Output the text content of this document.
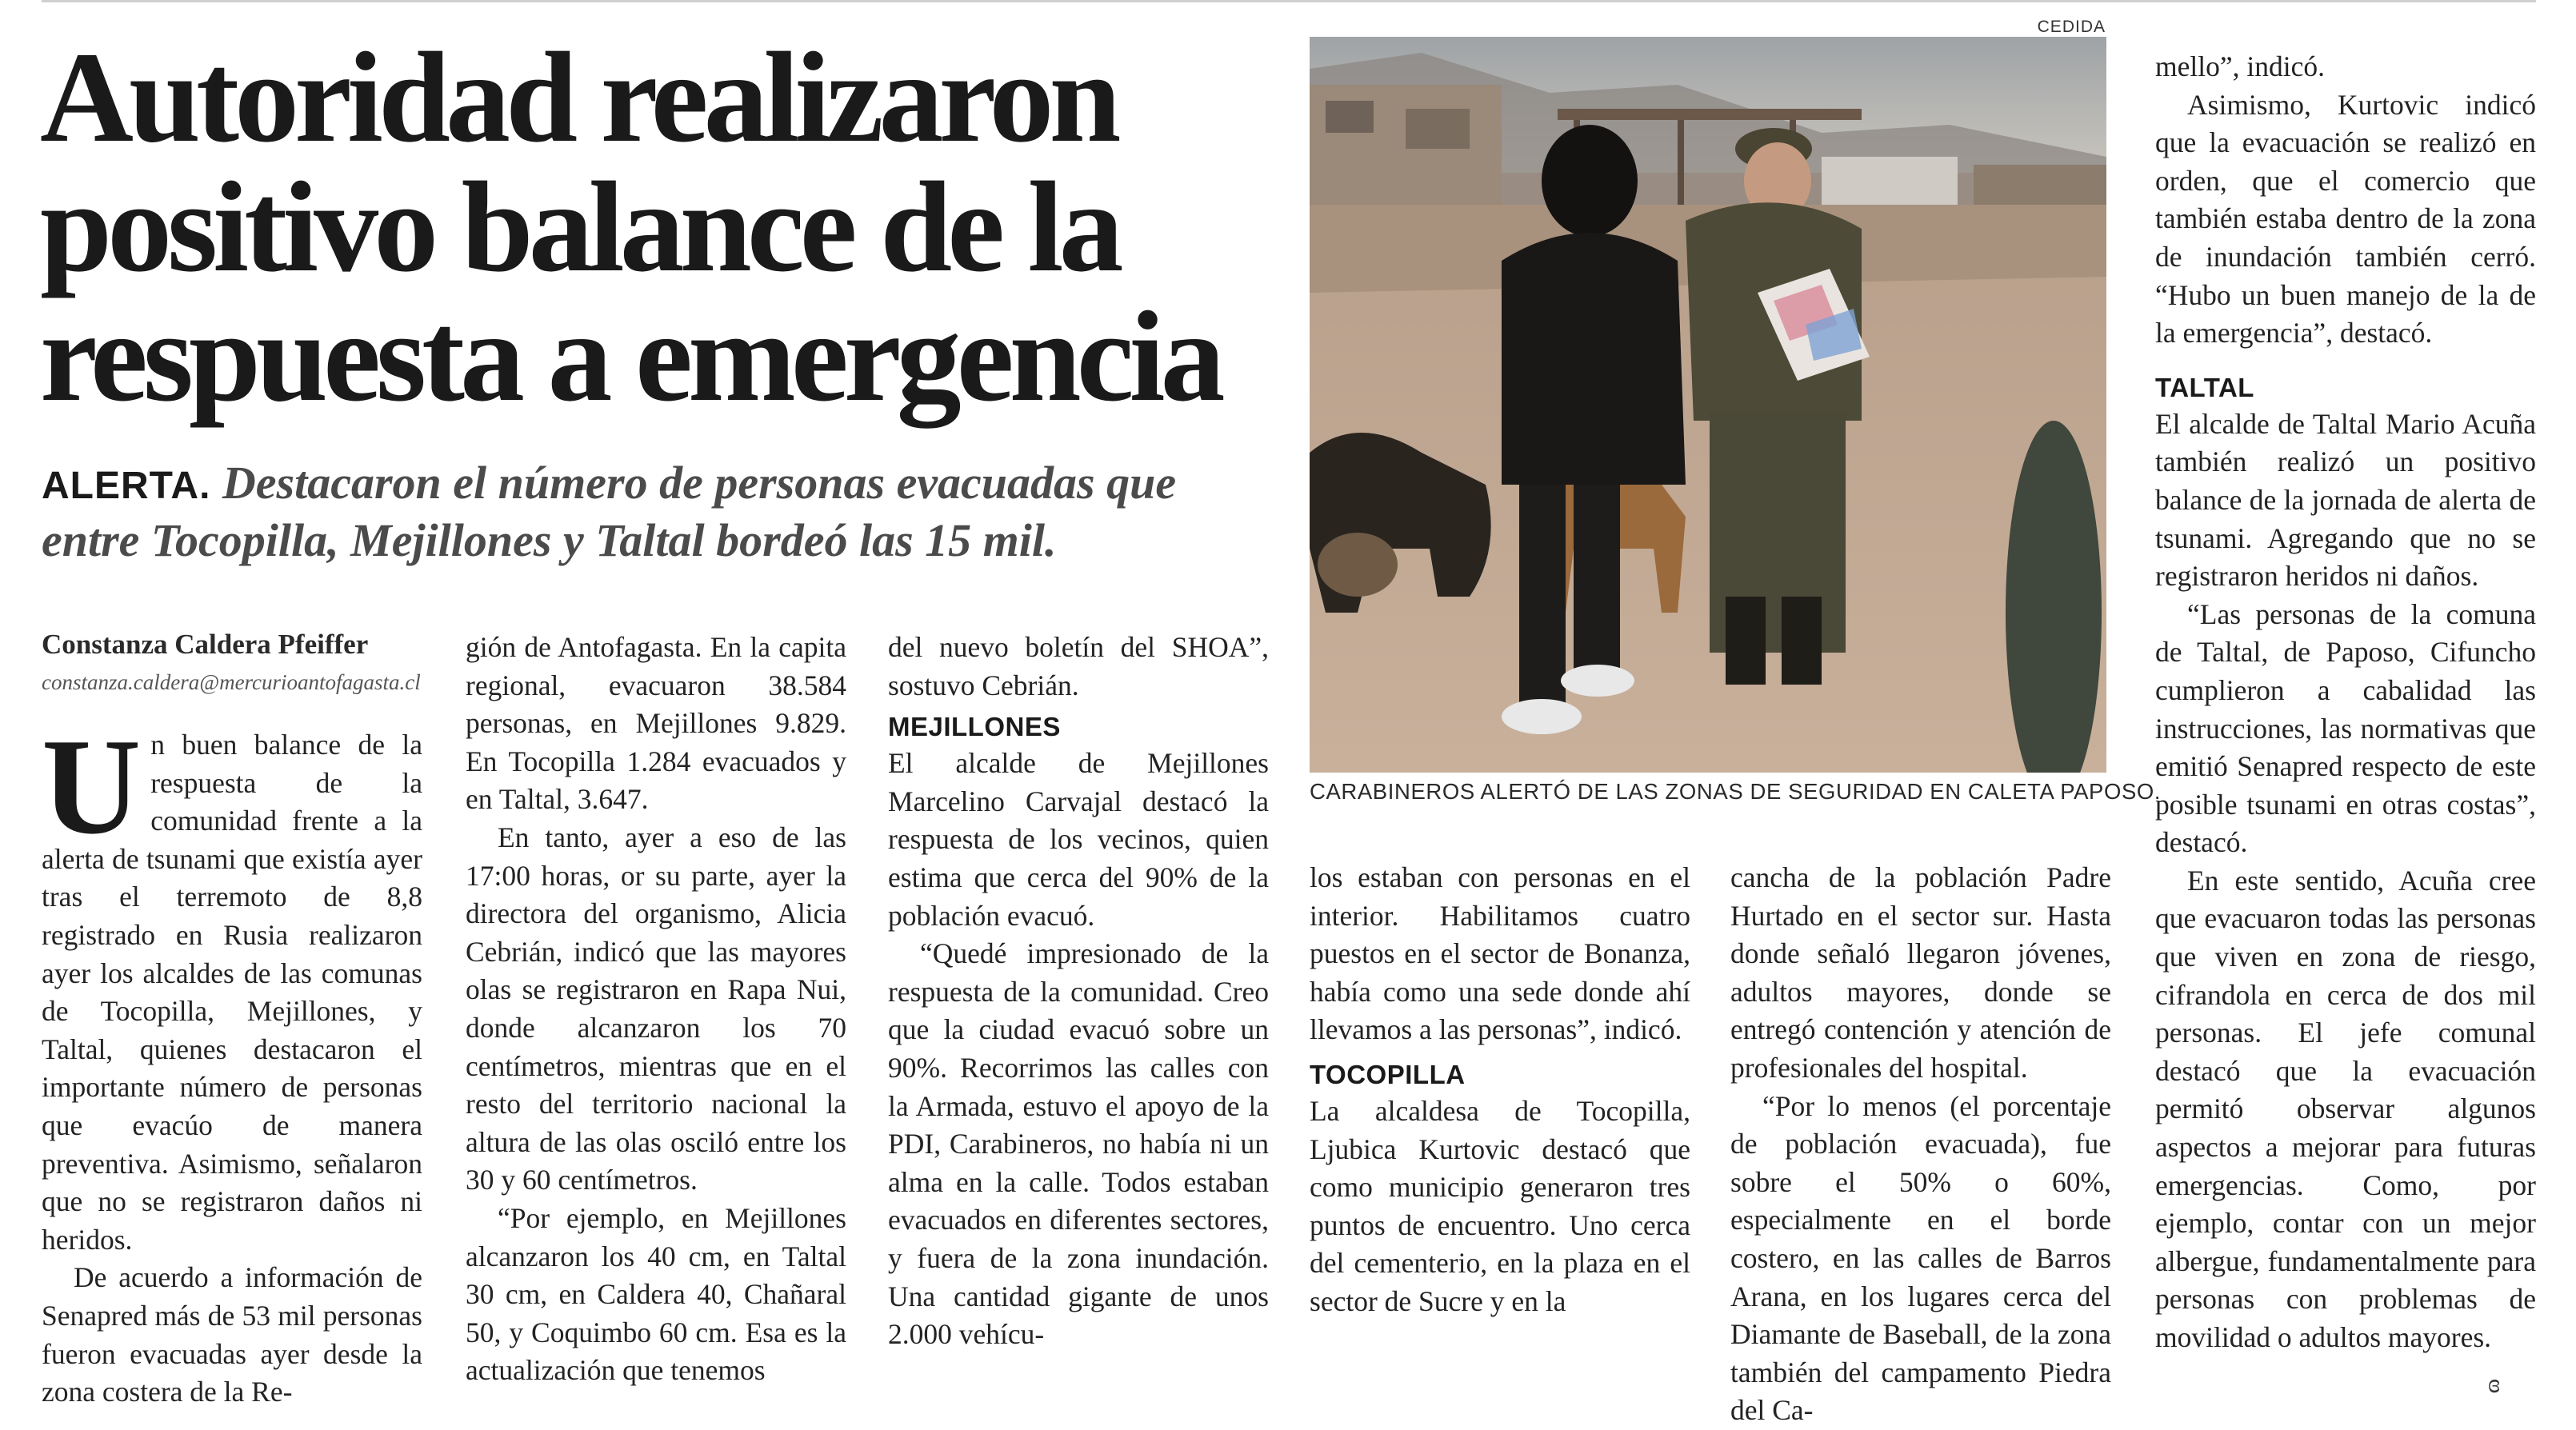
Autoridad realizaron
positivo balance de la
respuesta a emergencia
ALERTA. Destacaron el número de personas evacuadas que entre Tocopilla, Mejillones y Taltal bordeó las 15 mil.
Constanza Caldera Pfeiffer
constanza.caldera@mercurioantofagasta.cl
U n buen balance de la respuesta de la comunidad frente a la alerta de tsunami que existía ayer tras el terremoto de 8,8 registrado en Rusia realizaron ayer los alcaldes de las comunas de Tocopilla, Mejillones, y Taltal, quienes destacaron el importante número de personas que evacúo de manera preventiva. Asimismo, señalaron que no se registraron daños ni heridos.

De acuerdo a información de Senapred más de 53 mil personas fueron evacuadas ayer desde la zona costera de la Re-

gión de Antofagasta. En la capita regional, evacuaron 38.584 personas, en Mejillones 9.829. En Tocopilla 1.284 evacuados y en Taltal, 3.647.

En tanto, ayer a eso de las 17:00 horas, or su parte, ayer la directora del organismo, Alicia Cebrián, indicó que las mayores olas se registraron en Rapa Nui, donde alcanzaron los 70 centímetros, mientras que en el resto del territorio nacional la altura de las olas osciló entre los 30 y 60 centímetros.

“Por ejemplo, en Mejillones alcanzaron los 40 cm, en Taltal 30 cm, en Caldera 40, Chañaral 50, y Coquimbo 60 cm. Esa es la actualización que tenemos

del nuevo boletín del SHOA”, sostuvo Cebrián.

MEJILLONES

El alcalde de Mejillones Marcelino Carvajal destacó la respuesta de los vecinos, quien estima que cerca del 90% de la población evacuó.

“Quedé impresionado de la respuesta de la comunidad. Creo que la ciudad evacuó sobre un 90%. Recorrimos las calles con la Armada, estuvo el apoyo de la PDI, Carabineros, no había ni un alma en la calle. Todos estaban evacuados en diferentes sectores, y fuera de la zona inundación. Una cantidad gigante de unos 2.000 vehícu-

CEDIDA
CARABINEROS ALERTÓ DE LAS ZONAS DE SEGURIDAD EN CALETA PAPOSO.

los estaban con personas en el interior. Habilitamos cuatro puestos en el sector de Bonanza, había como una sede donde ahí llevamos a las personas”, indicó.

TOCOPILLA

La alcaldesa de Tocopilla, Ljubica Kurtovic destacó que como municipio generaron tres puntos de encuentro. Uno cerca del cementerio, en la plaza en el sector de Sucre y en la

cancha de la población Padre Hurtado en el sector sur. Hasta donde señaló llegaron jóvenes, adultos mayores, donde se entregó contención y atención de profesionales del hospital.

“Por lo menos (el porcentaje de población evacuada), fue sobre el 50% o 60%, especialmente en el borde costero, en las calles de Barros Arana, en los lugares cerca del Diamante de Baseball, de la zona también del campamento Piedra del Ca-

mello”, indicó.

Asimismo, Kurtovic indicó que la evacuación se realizó en orden, que el comercio que también estaba dentro de la zona de inundación también cerró. “Hubo un buen manejo de la de la emergencia”, destacó.

TALTAL

El alcalde de Taltal Mario Acuña también realizó un positivo balance de la jornada de alerta de tsunami. Agregando que no se registraron heridos ni daños.

“Las personas de la comuna de Taltal, de Paposo, Cifuncho cumplieron a cabalidad las instrucciones, las normativas que emitió Senapred respecto de este posible tsunami en otras costas”, destacó.

En este sentido, Acuña cree que evacuaron todas las personas que viven en zona de riesgo, cifrandola en cerca de dos mil personas. El jefe comunal destacó que la evacuación permitó observar algunos aspectos a mejorar para futuras emergencias. Como, por ejemplo, contar con un mejor albergue, fundamentalmente para personas con problemas de movilidad o adultos mayores.

ɞ
